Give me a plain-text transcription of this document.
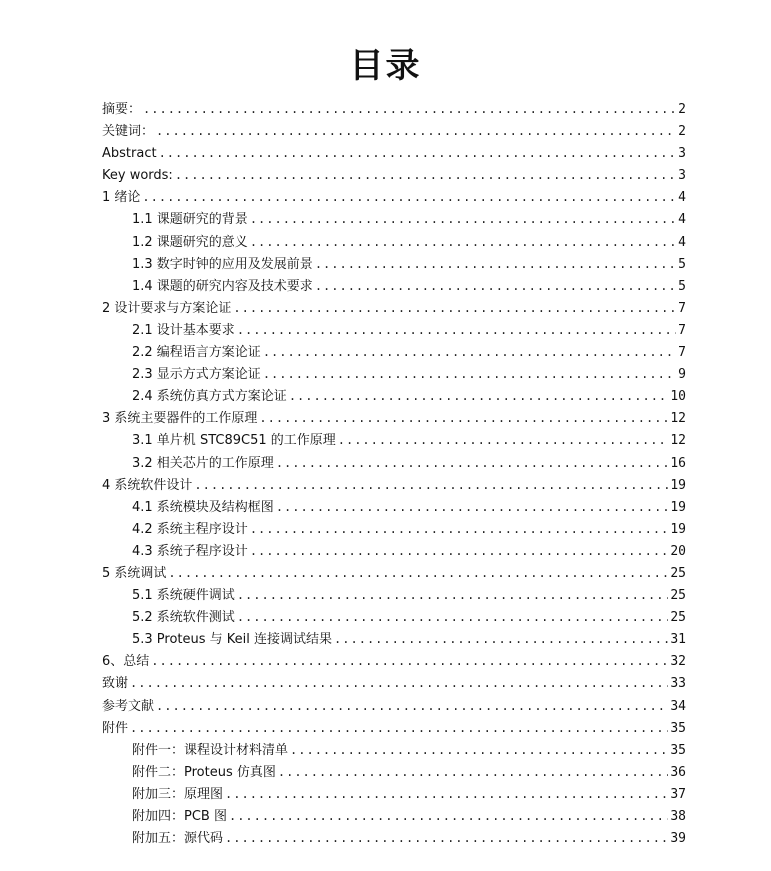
目录
摘要： .....	2
关键词： .....	2
Abstract .....	3
Key words: .....	3
1 绪论 .....	4
1.1 课题研究的背景 .....	4
1.2 课题研究的意义 .....	4
1.3 数字时钟的应用及发展前景 .....	5
1.4 课题的研究内容及技术要求 .....	5
2 设计要求与方案论证 .....	7
2.1 设计基本要求 .....	7
2.2 编程语言方案论证 .....	7
2.3 显示方式方案论证 .....	9
2.4 系统仿真方式方案论证 .....	10
3 系统主要器件的工作原理 .....	12
3.1 单片机 STC89C51 的工作原理 .....	12
3.2 相关芯片的工作原理 .....	16
4 系统软件设计 .....	19
4.1 系统模块及结构框图 .....	19
4.2 系统主程序设计 .....	19
4.3 系统子程序设计 .....	20
5 系统调试 .....	25
5.1 系统硬件调试 .....	25
5.2 系统软件测试 .....	25
5.3 Proteus 与 Keil 连接调试结果 .....	31
6、总结 .....	32
致谢 .....	33
参考文献 .....	34
附件 .....	35
附件一：课程设计材料清单 .....	35
附件二：Proteus 仿真图 .....	36
附加三：原理图 .....	37
附加四：PCB 图 .....	38
附加五：源代码 .....	39
